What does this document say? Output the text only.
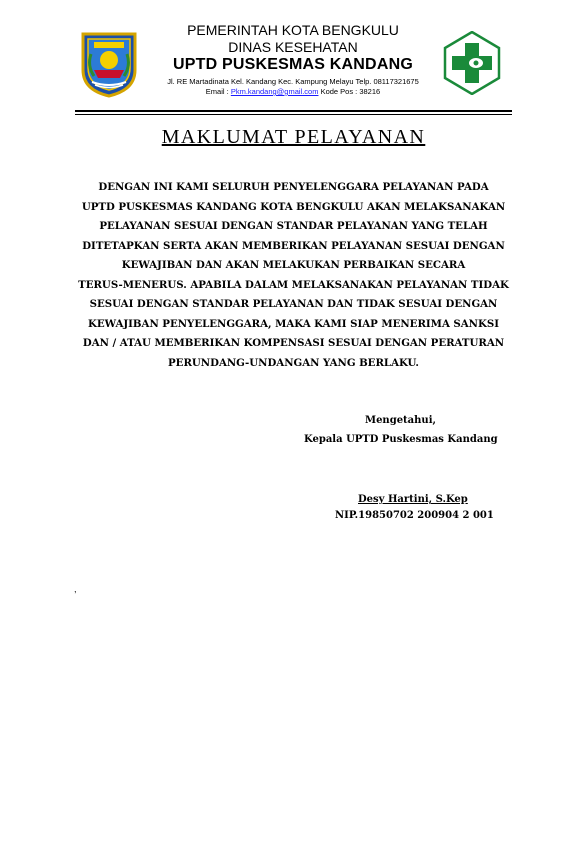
PEMERINTAH KOTA BENGKULU
DINAS KESEHATAN
UPTD PUSKESMAS KANDANG
Jl. RE Martadinata Kel. Kandang Kec. Kampung Melayu Telp. 08117321675
Email : Pkm.kandang@gmail.com Kode Pos : 38216
MAKLUMAT PELAYANAN
DENGAN INI KAMI SELURUH PENYELENGGARA PELAYANAN PADA
UPTD PUSKESMAS KANDANG KOTA BENGKULU AKAN MELAKSANAKAN
PELAYANAN SESUAI DENGAN STANDAR PELAYANAN YANG TELAH
DITETAPKAN SERTA AKAN MEMBERIKAN PELAYANAN SESUAI DENGAN
KEWAJIBAN DAN AKAN MELAKUKAN PERBAIKAN SECARA
TERUS-MENERUS. APABILA DALAM MELAKSANAKAN PELAYANAN TIDAK
SESUAI DENGAN STANDAR PELAYANAN DAN TIDAK SESUAI DENGAN
KEWAJIBAN PENYELENGGARA, MAKA KAMI SIAP MENERIMA SANKSI
DAN / ATAU MEMBERIKAN KOMPENSASI SESUAI DENGAN PERATURAN
PERUNDANG-UNDANGAN YANG BERLAKU.
Mengetahui,
Kepala UPTD Puskesmas Kandang
Desy Hartini, S.Kep
NIP.19850702 200904 2 001
,
